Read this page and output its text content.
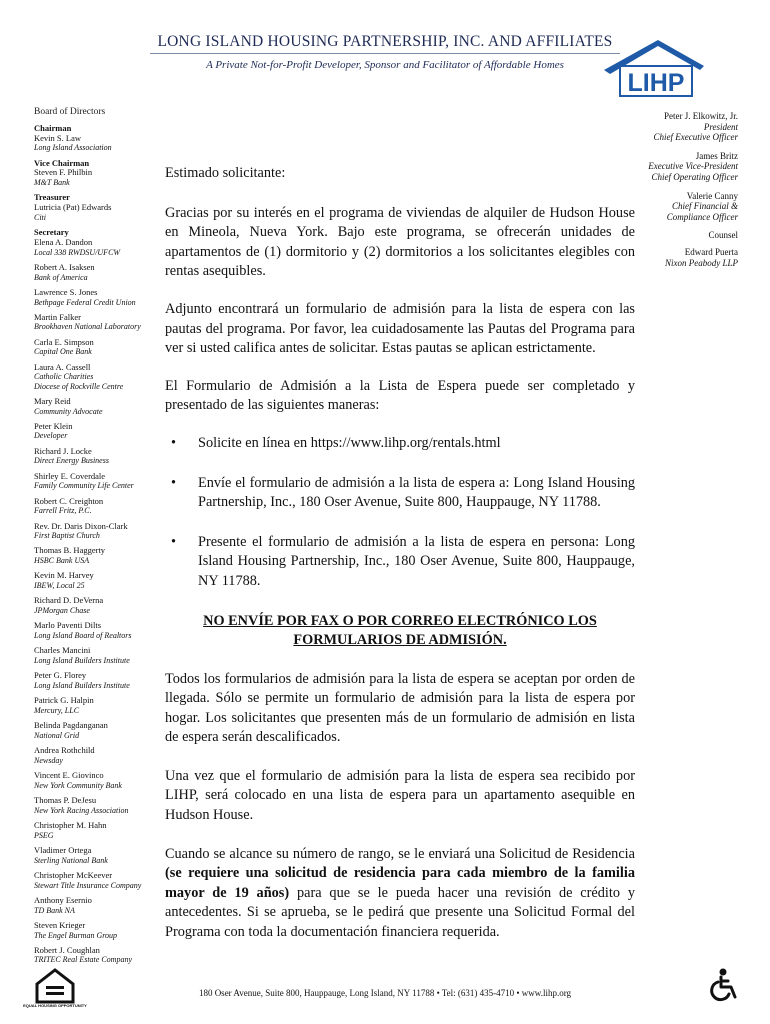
LONG ISLAND HOUSING PARTNERSHIP, INC. AND AFFILIATES
A Private Not-for-Profit Developer, Sponsor and Facilitator of Affordable Homes
LIHP
Board of Directors
Chairman
Kevin S. Law
Long Island Association
Vice Chairman
Steven F. Philbin
M&T Bank
Treasurer
Lutricia (Pat) Edwards
Citi
Secretary
Elena A. Dandon
Local 338 RWDSU/UFCW
Robert A. Isaksen
Bank of America
Lawrence S. Jones
Bethpage Federal Credit Union
Martin Falker
Brookhaven National Laboratory
Carla E. Simpson
Capital One Bank
Laura A. Cassell
Catholic Charities
Diocese of Rockville Centre
Mary Reid
Community Advocate
Peter Klein
Developer
Richard J. Locke
Direct Energy Business
Shirley E. Coverdale
Family Community Life Center
Robert C. Creighton
Farrell Fritz, P.C.
Rev. Dr. Daris Dixon-Clark
First Baptist Church
Thomas B. Haggerty
HSBC Bank USA
Kevin M. Harvey
IBEW, Local 25
Richard D. DeVerna
JPMorgan Chase
Marlo Paventi Dilts
Long Island Board of Realtors
Charles Mancini
Long Island Builders Institute
Peter G. Florey
Long Island Builders Institute
Patrick G. Halpin
Mercury, LLC
Belinda Pagdanganan
National Grid
Andrea Rothchild
Newsday
Vincent E. Giovinco
New York Community Bank
Thomas P. DeJesu
New York Racing Association
Christopher M. Hahn
PSEG
Vladimer Ortega
Sterling National Bank
Christopher McKeever
Stewart Title Insurance Company
Anthony Esernio
TD Bank NA
Steven Krieger
The Engel Burman Group
Robert J. Coughlan
TRITEC Real Estate Company
Peter J. Elkowitz, Jr.
President
Chief Executive Officer
James Britz
Executive Vice-President
Chief Operating Officer
Valerie Canny
Chief Financial &
Compliance Officer
Counsel
Edward Puerta
Nixon Peabody LLP

Estimado solicitante:

Gracias por su interés en el programa de viviendas de alquiler de Hudson House en Mineola, Nueva York. Bajo este programa, se ofrecerán unidades de apartamentos de (1) dormitorio y (2) dormitorios a los solicitantes elegibles con rentas asequibles.

Adjunto encontrará un formulario de admisión para la lista de espera con las pautas del programa. Por favor, lea cuidadosamente las Pautas del Programa para ver si usted califica antes de solicitar. Estas pautas se aplican estrictamente.

El Formulario de Admisión a la Lista de Espera puede ser completado y presentado de las siguientes maneras:

• Solicite en línea en https://www.lihp.org/rentals.html
• Envíe el formulario de admisión a la lista de espera a: Long Island Housing Partnership, Inc., 180 Oser Avenue, Suite 800, Hauppauge, NY 11788.
• Presente el formulario de admisión a la lista de espera en persona: Long Island Housing Partnership, Inc., 180 Oser Avenue, Suite 800, Hauppauge, NY 11788.

NO ENVÍE POR FAX O POR CORREO ELECTRÓNICO LOS FORMULARIOS DE ADMISIÓN.

Todos los formularios de admisión para la lista de espera se aceptan por orden de llegada. Sólo se permite un formulario de admisión para la lista de espera por hogar. Los solicitantes que presenten más de un formulario de admisión en lista de espera serán descalificados.

Una vez que el formulario de admisión para la lista de espera sea recibido por LIHP, será colocado en una lista de espera para un apartamento asequible en Hudson House.

Cuando se alcance su número de rango, se le enviará una Solicitud de Residencia (se requiere una solicitud de residencia para cada miembro de la familia mayor de 19 años) para que se le pueda hacer una revisión de crédito y antecedentes. Si se aprueba, se le pedirá que presente una Solicitud Formal del Programa con toda la documentación financiera requerida.

EQUAL HOUSING OPPORTUNITY
180 Oser Avenue, Suite 800, Hauppauge, Long Island, NY 11788 • Tel: (631) 435-4710 • www.lihp.org
